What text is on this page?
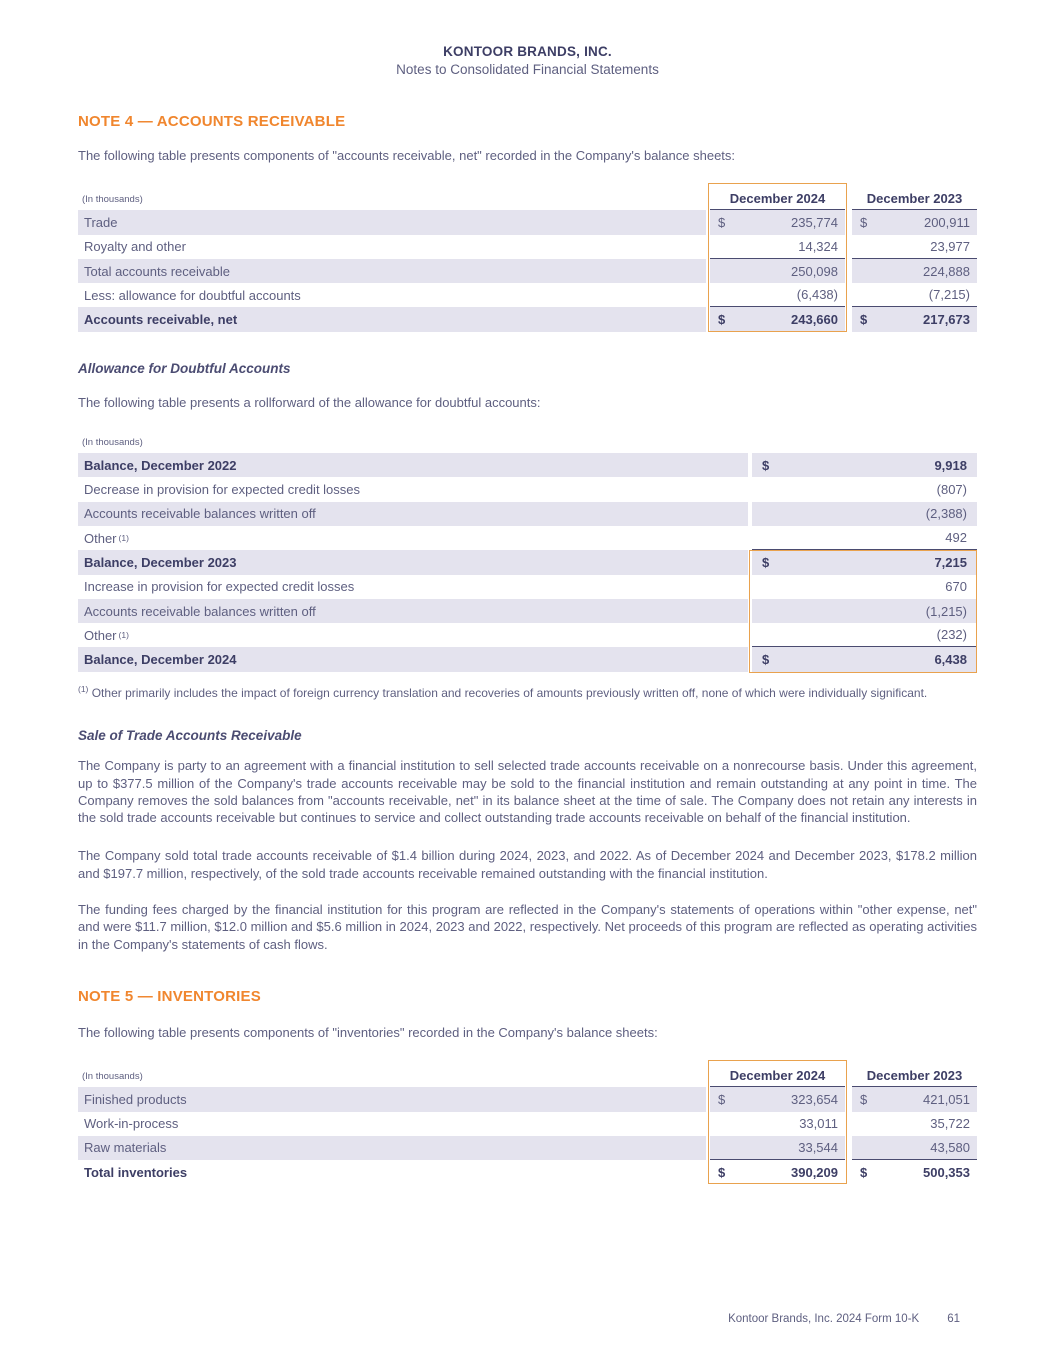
KONTOOR BRANDS, INC.
Notes to Consolidated Financial Statements
NOTE 4 — ACCOUNTS RECEIVABLE
The following table presents components of "accounts receivable, net" recorded in the Company's balance sheets:
(In thousands)	December 2024	December 2023
Trade	$	235,774	$	200,911
Royalty and other	14,324	23,977
Total accounts receivable	250,098	224,888
Less: allowance for doubtful accounts	(6,438)	(7,215)
Accounts receivable, net	$	243,660	$	217,673
Allowance for Doubtful Accounts
The following table presents a rollforward of the allowance for doubtful accounts:
(In thousands)
Balance, December 2022	$	9,918
Decrease in provision for expected credit losses	(807)
Accounts receivable balances written off	(2,388)
Other (1)	492
Balance, December 2023	$	7,215
Increase in provision for expected credit losses	670
Accounts receivable balances written off	(1,215)
Other (1)	(232)
Balance, December 2024	$	6,438
$^{(1)}$ Other primarily includes the impact of foreign currency translation and recoveries of amounts previously written off, none of which were individually significant.
Sale of Trade Accounts Receivable
The Company is party to an agreement with a financial institution to sell selected trade accounts receivable on a nonrecourse basis. Under this agreement, up to $377.5 million of the Company's trade accounts receivable may be sold to the financial institution and remain outstanding at any point in time. The Company removes the sold balances from "accounts receivable, net" in its balance sheet at the time of sale. The Company does not retain any interests in the sold trade accounts receivable but continues to service and collect outstanding trade accounts receivable on behalf of the financial institution.
The Company sold total trade accounts receivable of $1.4 billion during 2024, 2023, and 2022. As of December 2024 and December 2023, $178.2 million and $197.7 million, respectively, of the sold trade accounts receivable remained outstanding with the financial institution.
The funding fees charged by the financial institution for this program are reflected in the Company's statements of operations within "other expense, net" and were $11.7 million, $12.0 million and $5.6 million in 2024, 2023 and 2022, respectively. Net proceeds of this program are reflected as operating activities in the Company's statements of cash flows.
NOTE 5 — INVENTORIES
The following table presents components of "inventories" recorded in the Company's balance sheets:
(In thousands)	December 2024	December 2023
Finished products	$	323,654	$	421,051
Work-in-process	33,011	35,722
Raw materials	33,544	43,580
Total inventories	$	390,209	$	500,353
Kontoor Brands, Inc. 2024 Form 10-K 61
